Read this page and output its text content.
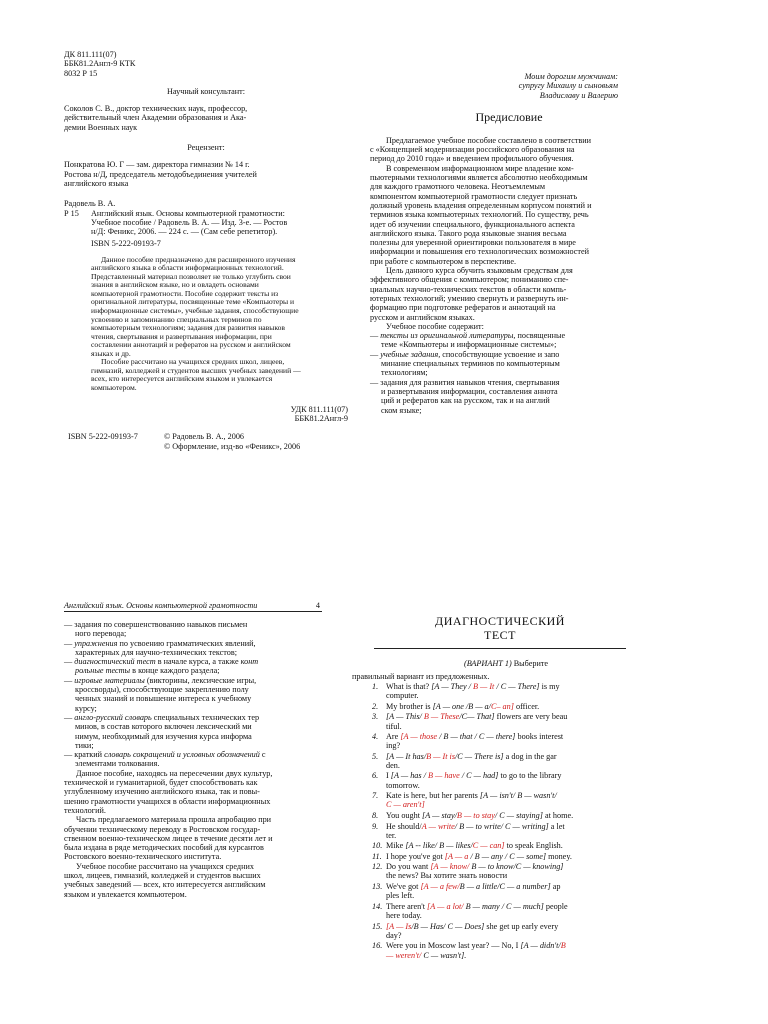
ДК 811.111(07)
ББК81.2Англ-9 КТК
8032 Р 15
Научный консультант:
Соколов С. В., доктор технических наук, профессор,
действительный член Академии образования и Ака-
демии Военных наук
Рецензент:
Понкратова Ю. Г — зам. директора гимназии № 14 г.
Ростова н/Д, председатель методобъединения учителей
английского языка
Радовель В. А.
Р 15	Английский язык. Основы компьютерной грамотности:
Учебное пособие / Радовель В. А. — Изд. 3-е. — Ростов
н/Д: Феникс, 2006. — 224 с. — (Сам себе репетитор).
ISBN 5-222-09193-7
Данное пособие предназначено для расширенного изучения
английского языка в области информационных технологий.
Представленный материал позволяет не только углубить свои
знания в английском языке, но и овладеть основами
компьютерной грамотности. Пособие содержит тексты из
оригинальной литературы, посвященные теме «Компьютеры и
информационные системы», учебные задания, способствующие
усвоению и запоминанию специальных терминов по
компьютерным технологиям; задания для развития навыков
чтения, свертывания и развертывания информации, при
составлении аннотаций и рефератов на русском и английском
языках и др.
Пособие рассчитано на учащихся средних школ, лицеев,
гимназий, колледжей и студентов высших учебных заведений —
всех, кто интересуется английским языком и увлекается
компьютером.
УДК 811.111(07)
ББК81.2Англ-9
ISBN 5-222-09193-7	© Радовель В. А., 2006
© Оформление, изд-во «Феникс», 2006
Моим дорогим мужчинам:
супругу Михаилу и сыновьям
Владиславу и Валерию
Предисловие
Предлагаемое учебное пособие составлено в соответствии
с «Концепцией модернизации российского образования на
период до 2010 года» и введением профильного обучения.
В современном информационном мире владение ком-
пьютерными технологиями является абсолютно необходимым
для каждого грамотного человека. Неотъемлемым
компонентом компьютерной грамотности следует признать
должный уровень владения определенным корпусом понятий и
терминов языка компьютерных технологий. По существу, речь
идет об изучении специального, функционального аспекта
английского языка. Такого рода языковые знания весьма
полезны для уверенной ориентировки пользователя в мире
информации и повышения его технологических возможностей
при работе с компьютером в перспективе.
Цель данного курса обучить языковым средствам для
эффективного общения с компьютером; пониманию спе-
циальных научно-технических текстов в области компь-
ютерных технологий; умению свернуть и развернуть ин-
формацию при подготовке рефератов и аннотаций на
русском и английском языках.
Учебное пособие содержит:
— тексты из оригинальной литературы, посвященные
теме «Компьютеры и информационные системы»;
— учебные задания, способствующие усвоение и запо
минание специальных терминов по компьютерным
технологиям;
— задания для развития навыков чтения, свертывания
и развертывания информации, составления аннота
ций и рефератов как на русском, так и на англий
ском языке;
Английский язык. Основы компьютерной грамотности	4
— задания по совершенствованию навыков письмен
ного перевода;
— упражнения по усвоению грамматических явлений,
характерных для научно-технических текстов;
— диагностический тест в начале курса, а также конт
рольные тесты в конце каждого раздела;
— игровые материалы (викторины, лексические игры,
кроссворды), способствующие закреплению полу
ченных знаний и повышение интереса к учебному
курсу;
— англо-русский словарь специальных технических тер
минов, в состав которого включен лексический ми
нимум, необходимый для изучения курса информа
тики;
— краткий словарь сокращений и условных обозначений с
элементами толкования.
Данное пособие, находясь на пересечении двух культур,
технической и гуманитарной, будет способствовать как
углубленному изучению английского языка, так и повы-
шению грамотности учащихся в области информационных
технологий.
Часть предлагаемого материала прошла апробацию при
обучении техническому переводу в Ростовском государ-
ственном военно-техническом лицее в течение десяти лет и
была издана в ряде методических пособий для курсантов
Ростовского военно-технического института.
Учебное пособие рассчитано на учащихся средних
школ, лицеев, гимназий, колледжей и студентов высших
учебных заведений — всех, кто интересуется английским
языком и увлекается компьютером.
ДИАГНОСТИЧЕСКИЙ
ТЕСТ
(ВАРИАНТ 1) Выберите
правильный вариант из предложенных.
1. What is that? [A — They / B — It / C — There] is my
computer.
2. My brother is [A — one /B — a/C– an] officer.
3. [A — This/ B — These/C— That] flowers are very beau
tiful.
4. Are [A — those / B — that / C — there] books interest
ing?
5. [A — It has/B — It is/C — There is] a dog in the gar
den.
6. I [A — has / B — have / C — had] to go to the library
tomorrow.
7. Kate is here, but her parents [A — isn't/ B — wasn't/
C — aren't]
8. You ought [A — stay/B — to stay/ C — staying] at home.
9. He should/A — write/ B — to write/ C — writing] a let
ter.
10. Mike [A -- like/ B — likes/C — can] to speak English.
11. I hope you've got [A — a / B — any / C — some] money.
12. Do you want [A — know/ B — to know/C — knowing]
the news? Вы хотите знать новости
13. We've got [A — a few/B — a little/C — a number] ap
ples left.
14. There aren't [A — a lot/ B — many / C — much] people
here today.
15. [A — Is/B — Has/ C — Does] she get up early every
day?
16. Were you in Moscow last year? — No, I [A — didn't/B
— weren't/ C — wasn't].
